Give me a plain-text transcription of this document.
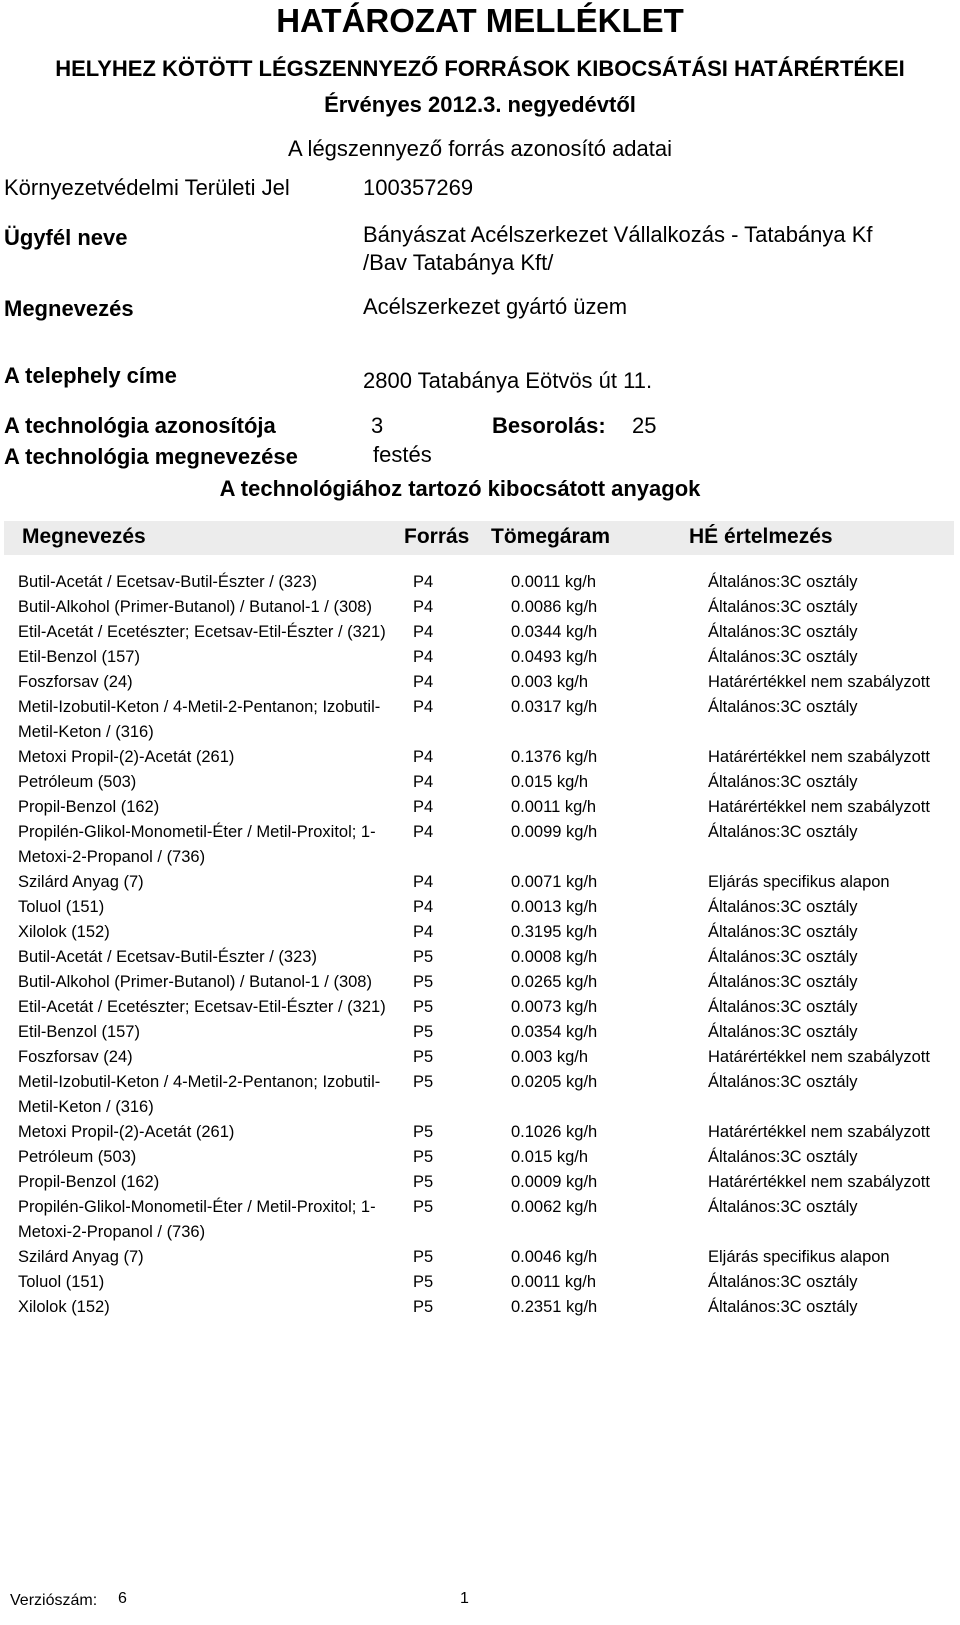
HATÁROZAT MELLÉKLET
HELYHEZ KÖTÖTT LÉGSZENNYEZŐ FORRÁSOK KIBOCSÁTÁSI HATÁRÉRTÉKEI
Érvényes 2012.3. negyedévtől
A légszennyező forrás azonosító adatai
Környezetvédelmi Területi Jel	100357269
Ügyfél neve	Bányászat Acélszerkezet Vállalkozás - Tatabánya Kf
/Bav Tatabánya Kft/
Megnevezés	Acélszerkezet gyártó üzem
A telephely címe	2800 Tatabánya Eötvös út 11.
A technológia azonosítója	3	Besorolás: 25
A technológia megnevezése	festés
A technológiához tartozó kibocsátott anyagok
Megnevezés	Forrás Tömegáram	HÉ értelmezés
Butil-Acetát / Ecetsav-Butil-Észter / (323)	P4	0.0011 kg/h	Általános:3C osztály
Butil-Alkohol (Primer-Butanol) / Butanol-1 / (308)	P4	0.0086 kg/h	Általános:3C osztály
Etil-Acetát / Ecetészter; Ecetsav-Etil-Észter / (321)	P4	0.0344 kg/h	Általános:3C osztály
Etil-Benzol (157)	P4	0.0493 kg/h	Általános:3C osztály
Foszforsav (24)	P4	0.003 kg/h	Határértékkel nem szabályzott
Metil-Izobutil-Keton / 4-Metil-2-Pentanon; Izobutil-Metil-Keton / (316)	P4	0.0317 kg/h	Általános:3C osztály
Metoxi Propil-(2)-Acetát (261)	P4	0.1376 kg/h	Határértékkel nem szabályzott
Petróleum (503)	P4	0.015 kg/h	Általános:3C osztály
Propil-Benzol (162)	P4	0.0011 kg/h	Határértékkel nem szabályzott
Propilén-Glikol-Monometil-Éter / Metil-Proxitol; 1-Metoxi-2-Propanol / (736)	P4	0.0099 kg/h	Általános:3C osztály
Szilárd Anyag (7)	P4	0.0071 kg/h	Eljárás specifikus alapon
Toluol (151)	P4	0.0013 kg/h	Általános:3C osztály
Xilolok (152)	P4	0.3195 kg/h	Általános:3C osztály
Butil-Acetát / Ecetsav-Butil-Észter / (323)	P5	0.0008 kg/h	Általános:3C osztály
Butil-Alkohol (Primer-Butanol) / Butanol-1 / (308)	P5	0.0265 kg/h	Általános:3C osztály
Etil-Acetát / Ecetészter; Ecetsav-Etil-Észter / (321)	P5	0.0073 kg/h	Általános:3C osztály
Etil-Benzol (157)	P5	0.0354 kg/h	Általános:3C osztály
Foszforsav (24)	P5	0.003 kg/h	Határértékkel nem szabályzott
Metil-Izobutil-Keton / 4-Metil-2-Pentanon; Izobutil-Metil-Keton / (316)	P5	0.0205 kg/h	Általános:3C osztály
Metoxi Propil-(2)-Acetát (261)	P5	0.1026 kg/h	Határértékkel nem szabályzott
Petróleum (503)	P5	0.015 kg/h	Általános:3C osztály
Propil-Benzol (162)	P5	0.0009 kg/h	Határértékkel nem szabályzott
Propilén-Glikol-Monometil-Éter / Metil-Proxitol; 1-Metoxi-2-Propanol / (736)	P5	0.0062 kg/h	Általános:3C osztály
Szilárd Anyag (7)	P5	0.0046 kg/h	Eljárás specifikus alapon
Toluol (151)	P5	0.0011 kg/h	Általános:3C osztály
Xilolok (152)	P5	0.2351 kg/h	Általános:3C osztály
Verziószám: 6	1
